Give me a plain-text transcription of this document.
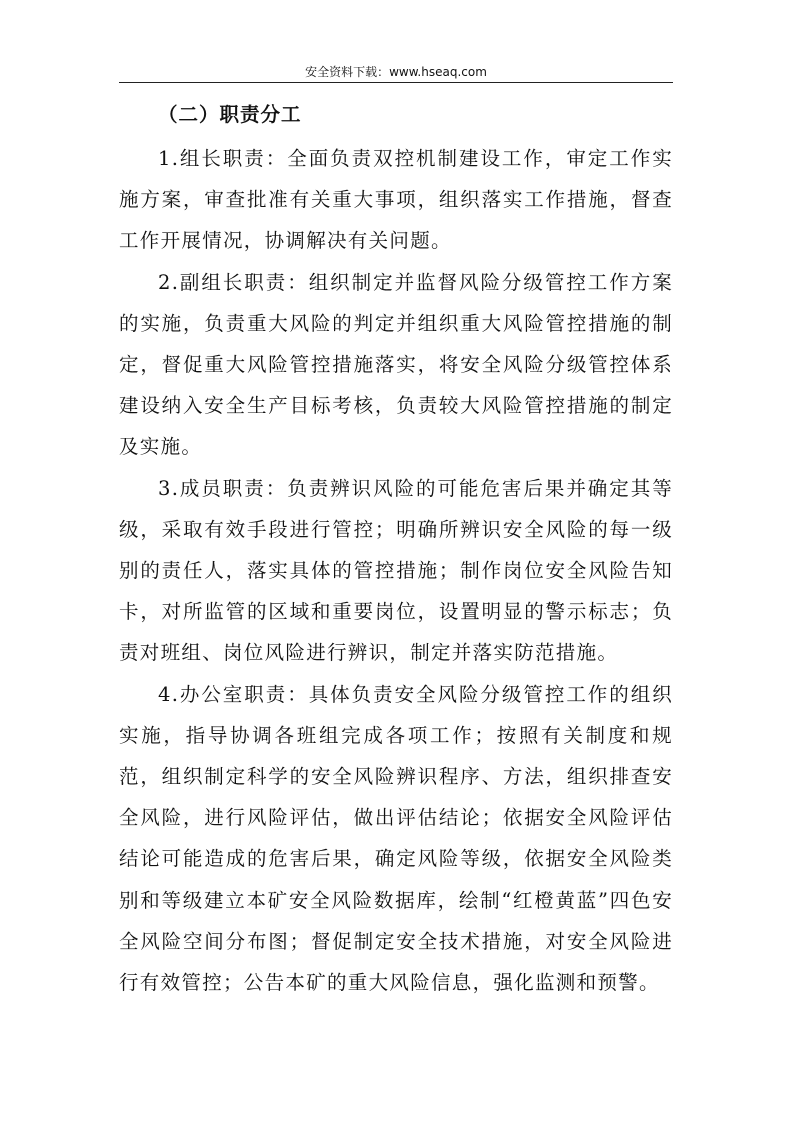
安全资料下载：www.hseaq.com
（二）职责分工

1.组长职责：全面负责双控机制建设工作，审定工作实施方案，审查批准有关重大事项，组织落实工作措施，督查工作开展情况，协调解决有关问题。

2.副组长职责：组织制定并监督风险分级管控工作方案的实施，负责重大风险的判定并组织重大风险管控措施的制定，督促重大风险管控措施落实，将安全风险分级管控体系建设纳入安全生产目标考核，负责较大风险管控措施的制定及实施。

3.成员职责：负责辨识风险的可能危害后果并确定其等级，采取有效手段进行管控；明确所辨识安全风险的每一级别的责任人，落实具体的管控措施；制作岗位安全风险告知卡，对所监管的区域和重要岗位，设置明显的警示标志；负责对班组、岗位风险进行辨识，制定并落实防范措施。

4.办公室职责：具体负责安全风险分级管控工作的组织实施，指导协调各班组完成各项工作；按照有关制度和规范，组织制定科学的安全风险辨识程序、方法，组织排查安全风险，进行风险评估，做出评估结论；依据安全风险评估结论可能造成的危害后果，确定风险等级，依据安全风险类别和等级建立本矿安全风险数据库，绘制“红橙黄蓝”四色安全风险空间分布图；督促制定安全技术措施，对安全风险进行有效管控；公告本矿的重大风险信息，强化监测和预警。
